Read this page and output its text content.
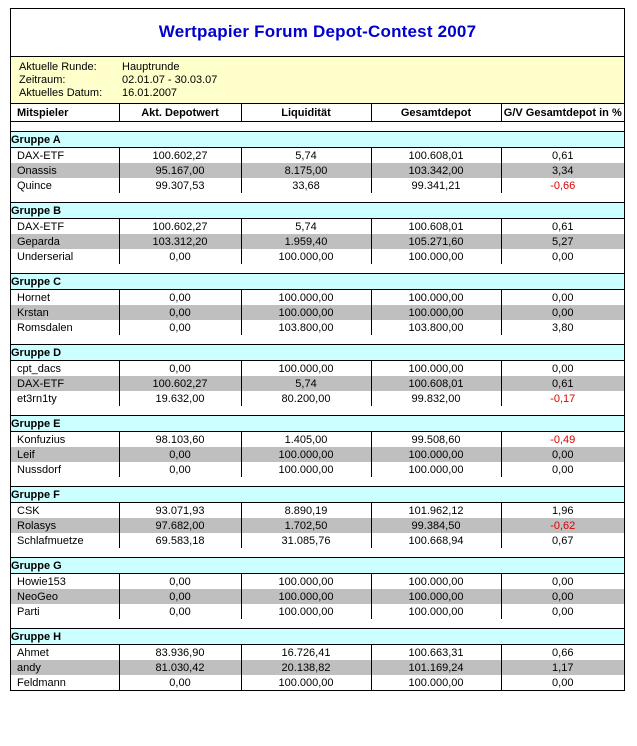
Wertpapier Forum Depot-Contest 2007
Aktuelle Runde:	Hauptrunde
Zeitraum:	02.01.07 - 30.03.07
Aktuelles Datum:	16.01.2007
Mitspieler	Akt. Depotwert	Liquidität	Gesamtdepot	G/V Gesamtdepot in %

Gruppe A				
DAX-ETF	100.602,27	5,74	100.608,01	0,61
Onassis	95.167,00	8.175,00	103.342,00	3,34
Quince	99.307,53	33,68	99.341,21	-0,66

Gruppe B				
DAX-ETF	100.602,27	5,74	100.608,01	0,61
Geparda	103.312,20	1.959,40	105.271,60	5,27
Underserial	0,00	100.000,00	100.000,00	0,00

Gruppe C				
Hornet	0,00	100.000,00	100.000,00	0,00
Krstan	0,00	100.000,00	100.000,00	0,00
Romsdalen	0,00	103.800,00	103.800,00	3,80

Gruppe D				
cpt_dacs	0,00	100.000,00	100.000,00	0,00
DAX-ETF	100.602,27	5,74	100.608,01	0,61
et3rn1ty	19.632,00	80.200,00	99.832,00	-0,17

Gruppe E				
Konfuzius	98.103,60	1.405,00	99.508,60	-0,49
Leif	0,00	100.000,00	100.000,00	0,00
Nussdorf	0,00	100.000,00	100.000,00	0,00

Gruppe F				
CSK	93.071,93	8.890,19	101.962,12	1,96
Rolasys	97.682,00	1.702,50	99.384,50	-0,62
Schlafmuetze	69.583,18	31.085,76	100.668,94	0,67

Gruppe G				
Howie153	0,00	100.000,00	100.000,00	0,00
NeoGeo	0,00	100.000,00	100.000,00	0,00
Parti	0,00	100.000,00	100.000,00	0,00

Gruppe H				
Ahmet	83.936,90	16.726,41	100.663,31	0,66
andy	81.030,42	20.138,82	101.169,24	1,17
Feldmann	0,00	100.000,00	100.000,00	0,00
